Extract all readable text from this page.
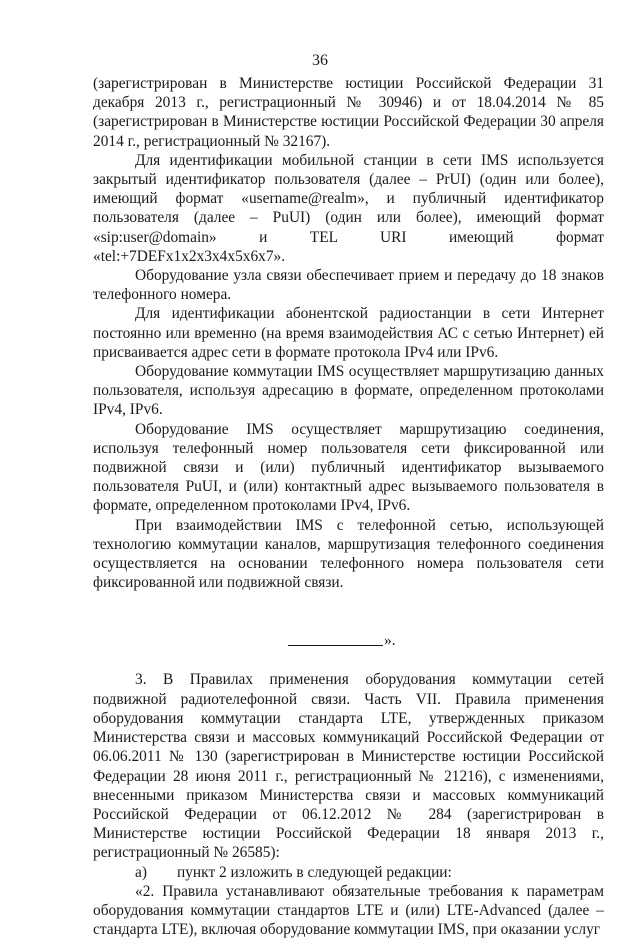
36

(зарегистрирован в Министерстве юстиции Российской Федерации 31 декабря 2013 г., регистрационный № 30946) и от 18.04.2014 № 85 (зарегистрирован в Министерстве юстиции Российской Федерации 30 апреля 2014 г., регистрационный № 32167).

Для идентификации мобильной станции в сети IMS используется закрытый идентификатор пользователя (далее – PrUI) (один или более), имеющий формат «username@realm», и публичный идентификатор пользователя (далее – PuUI) (один или более), имеющий формат «sip:user@domain» и TEL URI имеющий формат «tel:+7DEFx1x2x3x4x5x6x7».

Оборудование узла связи обеспечивает прием и передачу до 18 знаков телефонного номера.

Для идентификации абонентской радиостанции в сети Интернет постоянно или временно (на время взаимодействия АС с сетью Интернет) ей присваивается адрес сети в формате протокола IPv4 или IPv6.

Оборудование коммутации IMS осуществляет маршрутизацию данных пользователя, используя адресацию в формате, определенном протоколами IPv4, IPv6.

Оборудование IMS осуществляет маршрутизацию соединения, используя телефонный номер пользователя сети фиксированной или подвижной связи и (или) публичный идентификатор вызываемого пользователя PuUI, и (или) контактный адрес вызываемого пользователя в формате, определенном протоколами IPv4, IPv6.

При взаимодействии IMS с телефонной сетью, использующей технологию коммутации каналов, маршрутизация телефонного соединения осуществляется на основании телефонного номера пользователя сети фиксированной или подвижной связи.

».

3. В Правилах применения оборудования коммутации сетей подвижной радиотелефонной связи. Часть VII. Правила применения оборудования коммутации стандарта LTE, утвержденных приказом Министерства связи и массовых коммуникаций Российской Федерации от 06.06.2011 № 130 (зарегистрирован в Министерстве юстиции Российской Федерации 28 июня 2011 г., регистрационный № 21216), с изменениями, внесенными приказом Министерства связи и массовых коммуникаций Российской Федерации от 06.12.2012 № 284 (зарегистрирован в Министерстве юстиции Российской Федерации 18 января 2013 г., регистрационный № 26585):

а) пункт 2 изложить в следующей редакции:

«2. Правила устанавливают обязательные требования к параметрам оборудования коммутации стандартов LTE и (или) LTE-Advanced (далее – стандарта LTE), включая оборудование коммутации IMS, при оказании услуг
